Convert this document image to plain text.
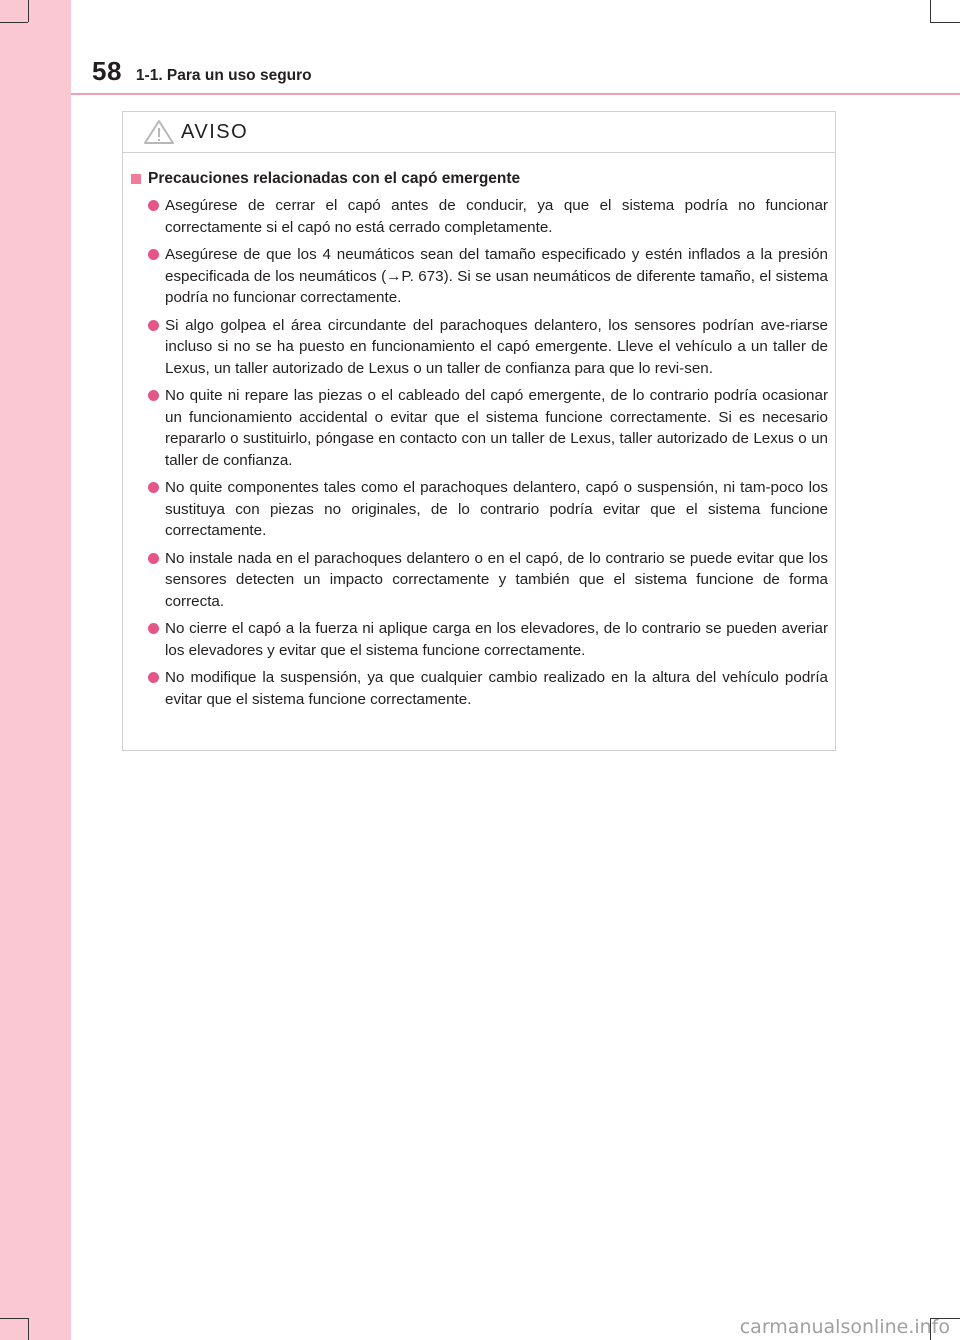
58 1-1. Para un uso seguro
AVISO
Precauciones relacionadas con el capó emergente
Asegúrese de cerrar el capó antes de conducir, ya que el sistema podría no funcionar correctamente si el capó no está cerrado completamente.
Asegúrese de que los 4 neumáticos sean del tamaño especificado y estén inflados a la presión especificada de los neumáticos (→P. 673). Si se usan neumáticos de diferente tamaño, el sistema podría no funcionar correctamente.
Si algo golpea el área circundante del parachoques delantero, los sensores podrían ave-riarse incluso si no se ha puesto en funcionamiento el capó emergente. Lleve el vehículo a un taller de Lexus, un taller autorizado de Lexus o un taller de confianza para que lo revi-sen.
No quite ni repare las piezas o el cableado del capó emergente, de lo contrario podría ocasionar un funcionamiento accidental o evitar que el sistema funcione correctamente. Si es necesario repararlo o sustituirlo, póngase en contacto con un taller de Lexus, taller autorizado de Lexus o un taller de confianza.
No quite componentes tales como el parachoques delantero, capó o suspensión, ni tam-poco los sustituya con piezas no originales, de lo contrario podría evitar que el sistema funcione correctamente.
No instale nada en el parachoques delantero o en el capó, de lo contrario se puede evitar que los sensores detecten un impacto correctamente y también que el sistema funcione de forma correcta.
No cierre el capó a la fuerza ni aplique carga en los elevadores, de lo contrario se pueden averiar los elevadores y evitar que el sistema funcione correctamente.
No modifique la suspensión, ya que cualquier cambio realizado en la altura del vehículo podría evitar que el sistema funcione correctamente.
carmanualsonline.info
